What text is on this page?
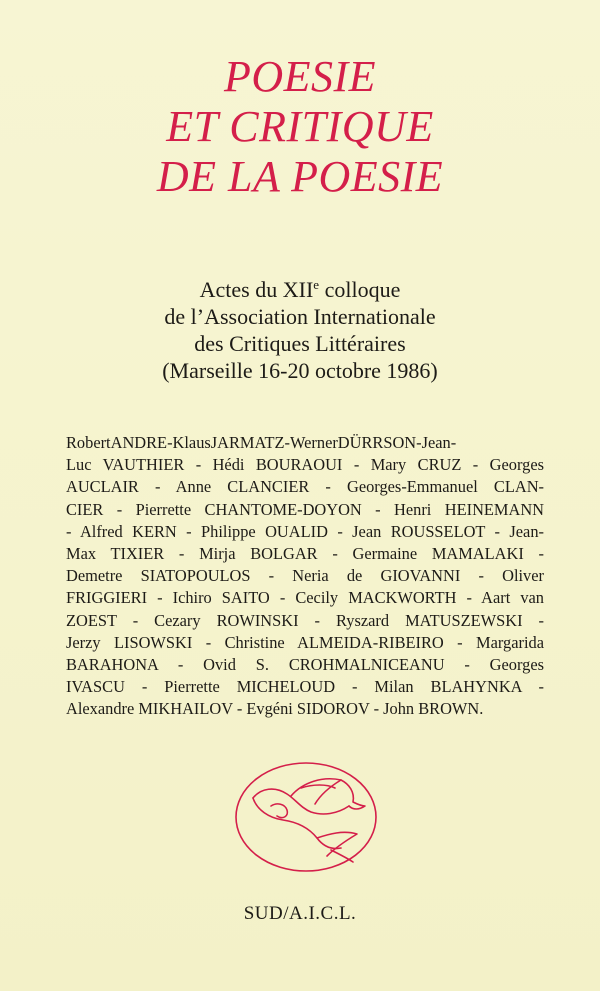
POESIE
ET CRITIQUE
DE LA POESIE
Actes du XIIe colloque
de l’Association Internationale
des Critiques Littéraires
(Marseille 16-20 octobre 1986)
RobertANDRE-KlausJARMATZ-WernerDÜRRSON-Jean-
Luc VAUTHIER - Hédi BOURAOUI - Mary CRUZ - Georges
AUCLAIR - Anne CLANCIER - Georges-Emmanuel CLAN-
CIER - Pierrette CHANTOME-DOYON - Henri HEINEMANN
- Alfred KERN - Philippe OUALID - Jean ROUSSELOT - Jean-
Max TIXIER - Mirja BOLGAR - Germaine MAMALAKI -
Demetre SIATOPOULOS - Neria de GIOVANNI - Oliver
FRIGGIERI - Ichiro SAITO - Cecily MACKWORTH - Aart van
ZOEST - Cezary ROWINSKI - Ryszard MATUSZEWSKI -
Jerzy LISOWSKI - Christine ALMEIDA-RIBEIRO - Margarida
BARAHONA - Ovid S. CROHMALNICEANU - Georges
IVASCU - Pierrette MICHELOUD - Milan BLAHYNKA -
Alexandre MIKHAILOV - Evgéni SIDOROV - John BROWN.
SUD/A.I.C.L.
